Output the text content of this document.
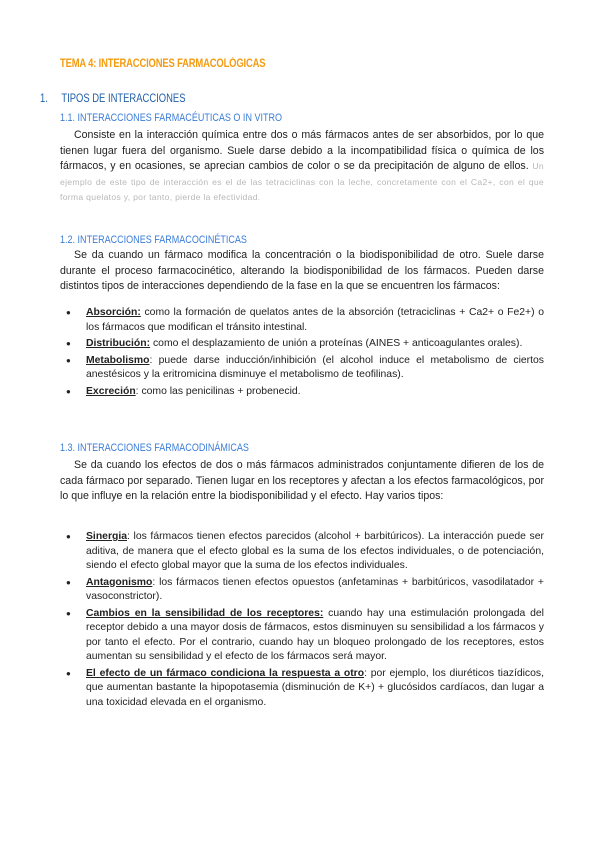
TEMA 4: INTERACCIONES FARMACOLÓGICAS
1. TIPOS DE INTERACCIONES
1.1. INTERACCIONES FARMACÉUTICAS O IN VITRO
Consiste en la interacción química entre dos o más fármacos antes de ser absorbidos, por lo que tienen lugar fuera del organismo. Suele darse debido a la incompatibilidad física o química de los fármacos, y en ocasiones, se aprecian cambios de color o se da precipitación de alguno de ellos. Un ejemplo de este tipo de interacción es el de las tetraciclinas con la leche, concretamente con el Ca2+, con el que forma quelatos y, por tanto, pierde la efectividad.
1.2. INTERACCIONES FARMACOCINÉTICAS
Se da cuando un fármaco modifica la concentración o la biodisponibilidad de otro. Suele darse durante el proceso farmacocinético, alterando la biodisponibilidad de los fármacos. Pueden darse distintos tipos de interacciones dependiendo de la fase en la que se encuentren los fármacos:
● Absorción: como la formación de quelatos antes de la absorción (tetraciclinas + Ca2+ o Fe2+) o los fármacos que modifican el tránsito intestinal.
● Distribución: como el desplazamiento de unión a proteínas (AINES + anticoagulantes orales).
● Metabolismo: puede darse inducción/inhibición (el alcohol induce el metabolismo de ciertos anestésicos y la eritromicina disminuye el metabolismo de teofilinas).
● Excreción: como las penicilinas + probenecid.
1.3. INTERACCIONES FARMACODINÁMICAS
Se da cuando los efectos de dos o más fármacos administrados conjuntamente difieren de los de cada fármaco por separado. Tienen lugar en los receptores y afectan a los efectos farmacológicos, por lo que influye en la relación entre la biodisponibilidad y el efecto. Hay varios tipos:
● Sinergia: los fármacos tienen efectos parecidos (alcohol + barbitúricos). La interacción puede ser aditiva, de manera que el efecto global es la suma de los efectos individuales, o de potenciación, siendo el efecto global mayor que la suma de los efectos individuales.
● Antagonismo: los fármacos tienen efectos opuestos (anfetaminas + barbitúricos, vasodilatador + vasoconstrictor).
● Cambios en la sensibilidad de los receptores: cuando hay una estimulación prolongada del receptor debido a una mayor dosis de fármacos, estos disminuyen su sensibilidad a los fármacos y por tanto el efecto. Por el contrario, cuando hay un bloqueo prolongado de los receptores, estos aumentan su sensibilidad y el efecto de los fármacos será mayor.
● El efecto de un fármaco condiciona la respuesta a otro: por ejemplo, los diuréticos tiazídicos, que aumentan bastante la hipopotasemia (disminución de K+) + glucósidos cardíacos, dan lugar a una toxicidad elevada en el organismo.
